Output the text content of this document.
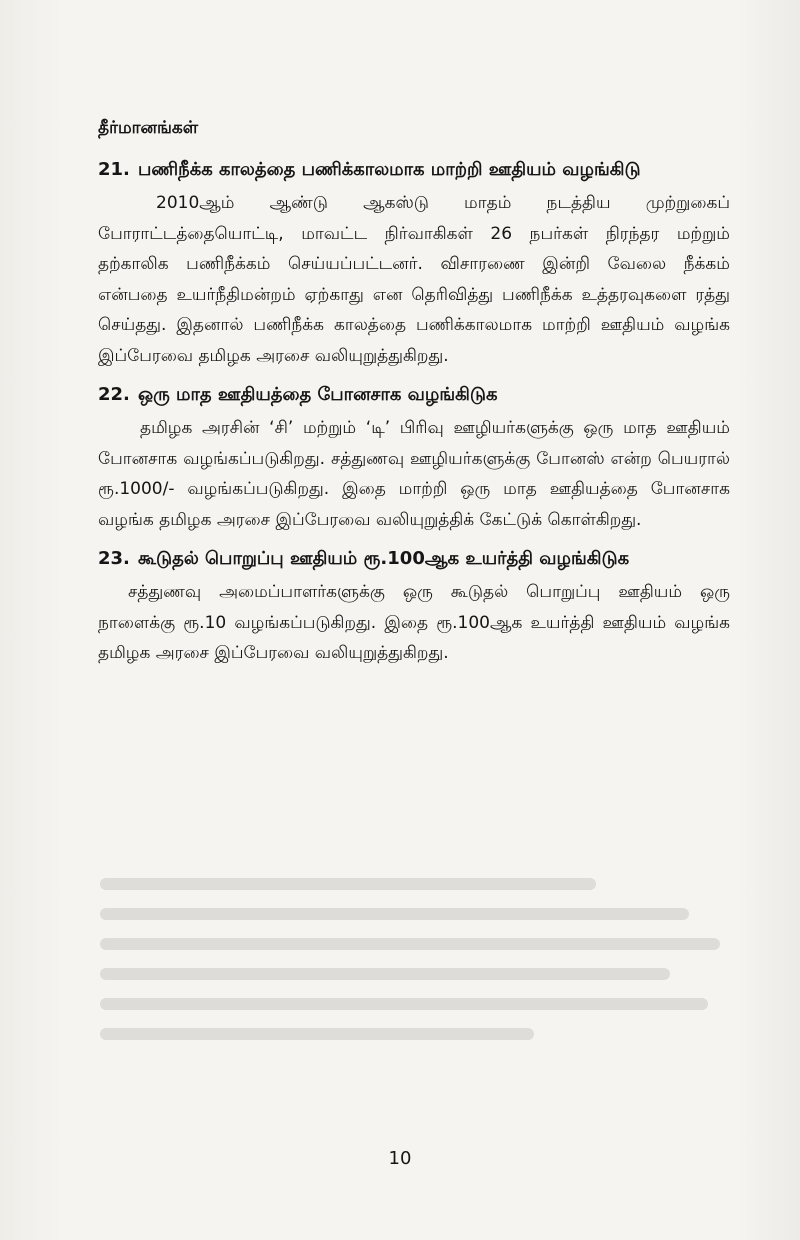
தீர்மானங்கள்
21. பணிநீக்க காலத்தை பணிக்காலமாக மாற்றி ஊதியம் வழங்கிடு

2010ஆம் ஆண்டு ஆகஸ்டு மாதம் நடத்திய முற்றுகைப் போராட்டத்தையொட்டி, மாவட்ட நிர்வாகிகள் 26 நபர்கள் நிரந்தர மற்றும் தற்காலிக பணிநீக்கம் செய்யப்பட்டனர். விசாரணை இன்றி வேலை நீக்கம் என்பதை உயர்நீதிமன்றம் ஏற்காது என தெரிவித்து பணிநீக்க உத்தரவுகளை ரத்து செய்தது. இதனால் பணிநீக்க காலத்தை பணிக்காலமாக மாற்றி ஊதியம் வழங்க இப்பேரவை தமிழக அரசை வலியுறுத்துகிறது.

22. ஒரு மாத ஊதியத்தை போனசாக வழங்கிடுக

தமிழக அரசின் ‘சி’ மற்றும் ‘டி’ பிரிவு ஊழியர்களுக்கு ஒரு மாத ஊதியம் போனசாக வழங்கப்படுகிறது. சத்துணவு ஊழியர்களுக்கு போனஸ் என்ற பெயரால் ரூ.1000/- வழங்கப்படுகிறது. இதை மாற்றி ஒரு மாத ஊதியத்தை போனசாக வழங்க தமிழக அரசை இப்பேரவை வலியுறுத்திக் கேட்டுக் கொள்கிறது.

23. கூடுதல் பொறுப்பு ஊதியம் ரூ.100ஆக உயர்த்தி வழங்கிடுக

சத்துணவு அமைப்பாளர்களுக்கு ஒரு கூடுதல் பொறுப்பு ஊதியம் ஒரு நாளைக்கு ரூ.10 வழங்கப்படுகிறது. இதை ரூ.100ஆக உயர்த்தி ஊதியம் வழங்க தமிழக அரசை இப்பேரவை வலியுறுத்துகிறது.

10
